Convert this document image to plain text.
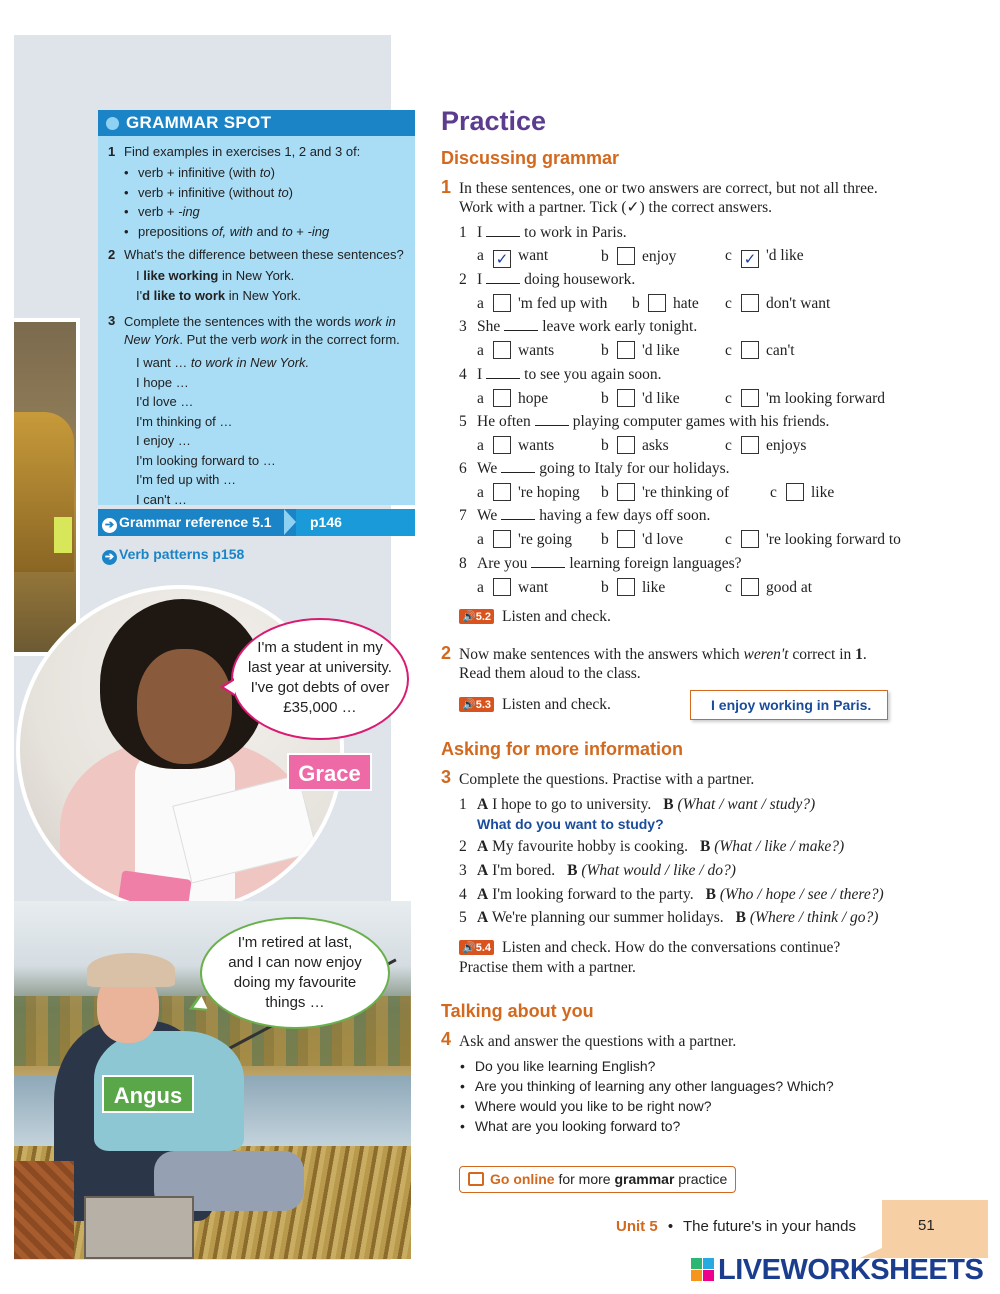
GRAMMAR SPOT
1 Find examples in exercises 1, 2 and 3 of:
• verb + infinitive (with to)
• verb + infinitive (without to)
• verb + -ing
• prepositions of, with and to + -ing
2 What's the difference between these sentences?
I like working in New York.
I'd like to work in New York.
3 Complete the sentences with the words work in New York. Put the verb work in the correct form.
I want … to work in New York.
I hope …
I'd love …
I'm thinking of …
I enjoy …
I'm looking forward to …
I'm fed up with …
I can't …
➔ Grammar reference 5.1	p146
➔ Verb patterns p158
I'm a student in my
last year at university.
I've got debts of over
£35,000 …
Grace
I'm retired at last,
and I can now enjoy
doing my favourite
things …
Angus
Practice
Discussing grammar
1 In these sentences, one or two answers are correct, but not all three.
Work with a partner. Tick (✓) the correct answers.
1 I	to work in Paris.
a ✓ want	b enjoy	c ✓ 'd like
2 I	doing housework.
a 'm fed up with b hate c don't want
3 She	leave work early tonight.
a wants	b 'd like	c can't
4 I	to see you again soon.
a hope	b 'd like	c 'm looking forward
5 He often	playing computer games with his friends.
a wants	b asks	c enjoys
6 We	going to Italy for our holidays.
a 're hoping b 're thinking of	c like
7 We	having a few days off soon.
a 're going b 'd love	c 're looking forward to
8 Are you	learning foreign languages?
a want	b like	c good at
🔊5.2 Listen and check.
2 Now make sentences with the answers which weren't correct in 1.
Read them aloud to the class.
🔊5.3 Listen and check.	I enjoy working in Paris.
Asking for more information
3 Complete the questions. Practise with a partner.
1 A I hope to go to university. B (What / want / study?)
2 A My favourite hobby is cooking. B (What / like / make?)
3 A I'm bored. B (What would / like / do?)
4 A I'm looking forward to the party. B (Who / hope / see / there?)
5 A We're planning our summer holidays. B (Where / think / go?)
What do you want to study?
🔊5.4 Listen and check. How do the conversations continue?
Practise them with a partner.
Talking about you
4 Ask and answer the questions with a partner.
• Do you like learning English?
• Are you thinking of learning any other languages? Which?
• Where would you like to be right now?
• What are you looking forward to?
Go online for more grammar practice
Unit 5 • The future's in your hands	51
LIVEWORKSHEETS
